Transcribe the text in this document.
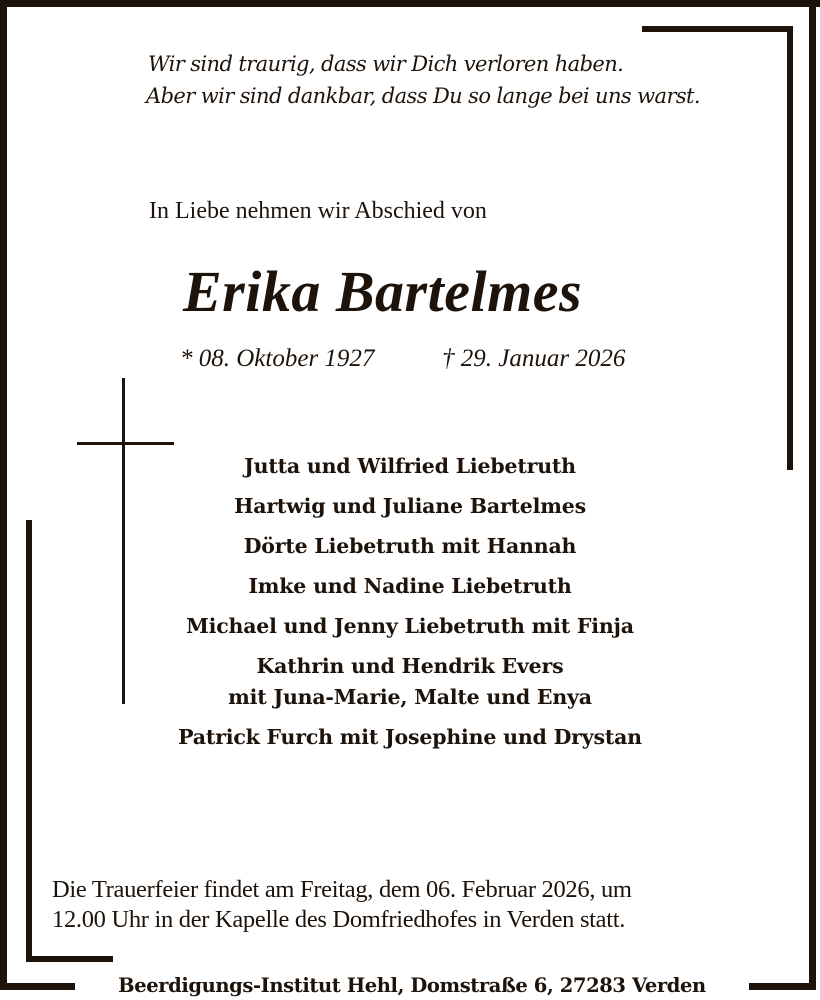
Wir sind traurig, dass wir Dich verloren haben.
Aber wir sind dankbar, dass Du so lange bei uns warst.
In Liebe nehmen wir Abschied von
Erika Bartelmes
* 08. Oktober 1927	† 29. Januar 2026
Jutta und Wilfried Liebetruth
Hartwig und Juliane Bartelmes
Dörte Liebetruth mit Hannah
Imke und Nadine Liebetruth
Michael und Jenny Liebetruth mit Finja
Kathrin und Hendrik Evers
mit Juna-Marie, Malte und Enya
Patrick Furch mit Josephine und Drystan
Die Trauerfeier findet am Freitag, dem 06. Februar 2026, um
12.00 Uhr in der Kapelle des Domfriedhofes in Verden statt.
Beerdigungs-Institut Hehl, Domstraße 6, 27283 Verden
